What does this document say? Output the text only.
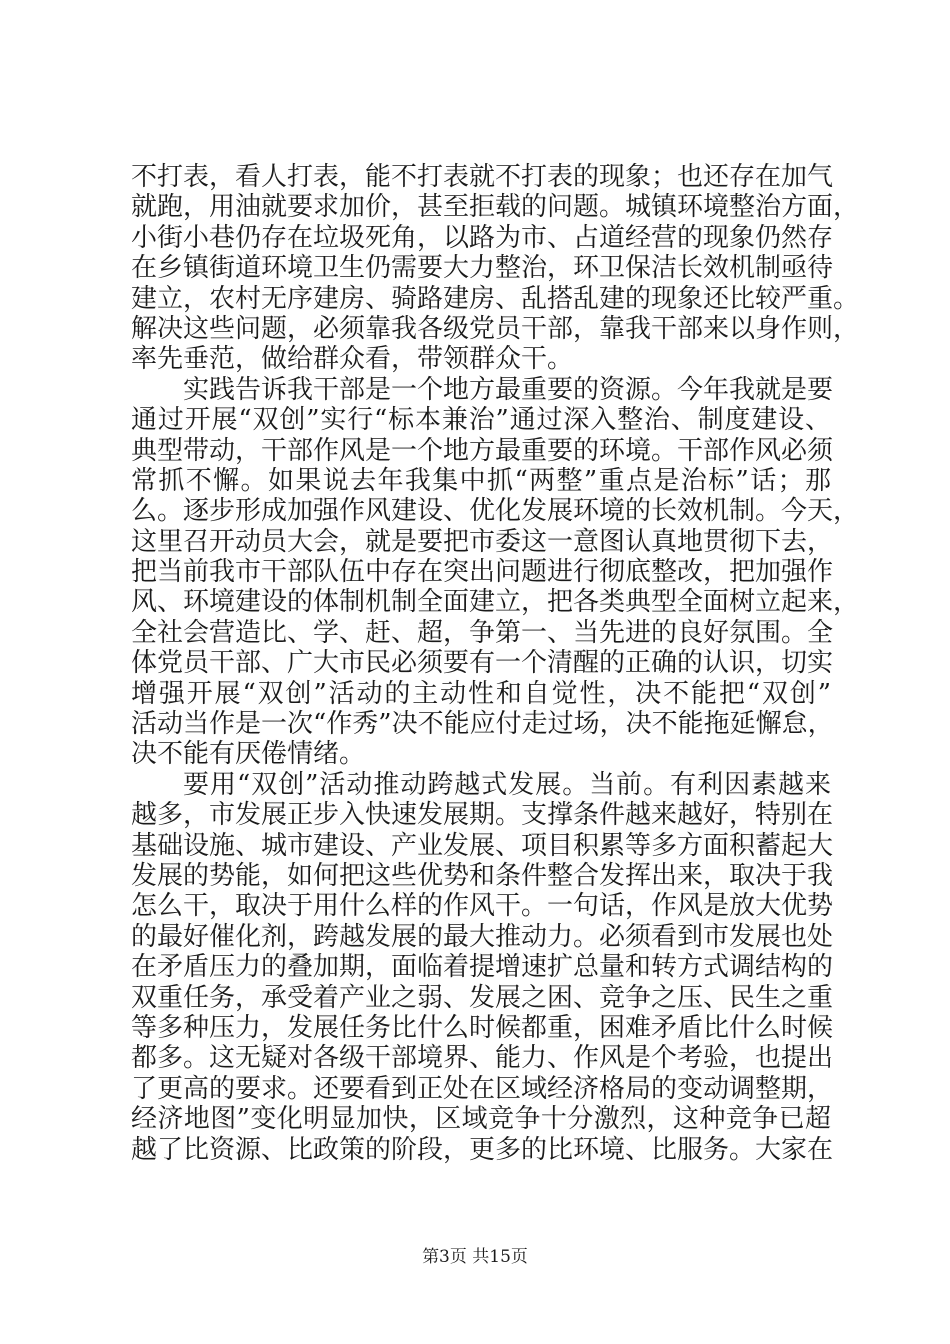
不打表，看人打表，能不打表就不打表的现象；也还存在加气
就跑，用油就要求加价，甚至拒载的问题。城镇环境整治方面，
小街小巷仍存在垃圾死角，以路为市、占道经营的现象仍然存
在乡镇街道环境卫生仍需要大力整治，环卫保洁长效机制亟待
建立，农村无序建房、骑路建房、乱搭乱建的现象还比较严重。
解决这些问题，必须靠我各级党员干部，靠我干部来以身作则，
率先垂范，做给群众看，带领群众干。
实践告诉我干部是一个地方最重要的资源。今年我就是要
通过开展“双创”实行“标本兼治”通过深入整治、制度建设、
典型带动，干部作风是一个地方最重要的环境。干部作风必须
常抓不懈。如果说去年我集中抓“两整”重点是治标”话；那
么。逐步形成加强作风建设、优化发展环境的长效机制。今天，
这里召开动员大会，就是要把市委这一意图认真地贯彻下去，
把当前我市干部队伍中存在突出问题进行彻底整改，把加强作
风、环境建设的体制机制全面建立，把各类典型全面树立起来，
全社会营造比、学、赶、超，争第一、当先进的良好氛围。全
体党员干部、广大市民必须要有一个清醒的正确的认识，切实
增强开展“双创”活动的主动性和自觉性，决不能把“双创”
活动当作是一次“作秀”决不能应付走过场，决不能拖延懈怠，
决不能有厌倦情绪。
要用“双创”活动推动跨越式发展。当前。有利因素越来
越多，市发展正步入快速发展期。支撑条件越来越好，特别在
基础设施、城市建设、产业发展、项目积累等多方面积蓄起大
发展的势能，如何把这些优势和条件整合发挥出来，取决于我
怎么干，取决于用什么样的作风干。一句话，作风是放大优势
的最好催化剂，跨越发展的最大推动力。必须看到市发展也处
在矛盾压力的叠加期，面临着提增速扩总量和转方式调结构的
双重任务，承受着产业之弱、发展之困、竞争之压、民生之重
等多种压力，发展任务比什么时候都重，困难矛盾比什么时候
都多。这无疑对各级干部境界、能力、作风是个考验，也提出
了更高的要求。还要看到正处在区域经济格局的变动调整期，
经济地图”变化明显加快，区域竞争十分激烈，这种竞争已超
越了比资源、比政策的阶段，更多的比环境、比服务。大家在
第3页 共15页
